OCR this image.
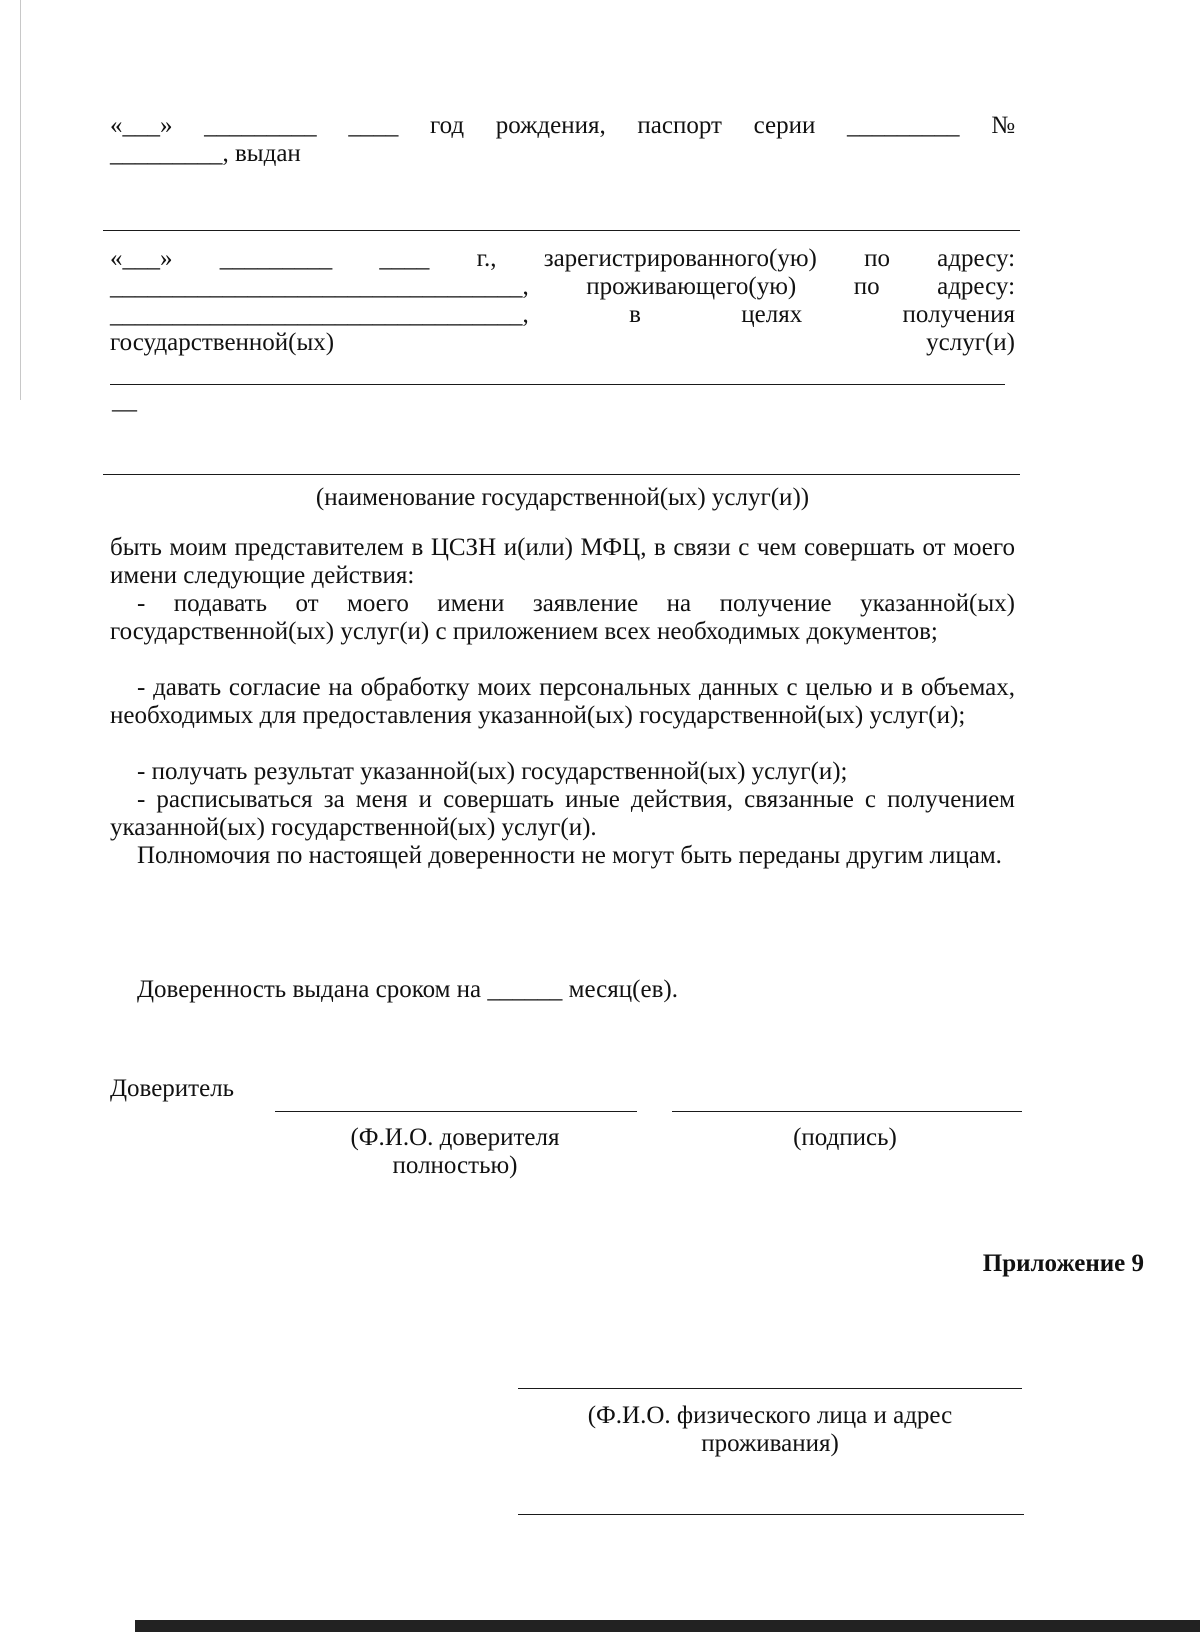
«___» _________ ____ год рождения, паспорт серии _________ №
_________, выдан
«___» _________ ____ г., зарегистрированного(ую) по адресу:
_________________________________, проживающего(ую) по адресу:
_________________________________,	в	целях	получения
государственной(ых)	услуг(и)
—
(наименование государственной(ых) услуг(и))
быть моим представителем в ЦСЗН и(или) МФЦ, в связи с чем совершать от моего имени следующие действия:
- подавать от моего имени заявление на получение указанной(ых) государственной(ых) услуг(и) с приложением всех необходимых документов;
- давать согласие на обработку моих персональных данных с целью и в объемах, необходимых для предоставления указанной(ых) государственной(ых) услуг(и);
- получать результат указанной(ых) государственной(ых) услуг(и);
- расписываться за меня и совершать иные действия, связанные с получением указанной(ых) государственной(ых) услуг(и).
Полномочия по настоящей доверенности не могут быть переданы другим лицам.
Доверенность выдана сроком на ______ месяц(ев).
Доверитель
(Ф.И.О. доверителя
полностью)
(подпись)
Приложение 9
(Ф.И.О. физического лица и адрес
проживания)
